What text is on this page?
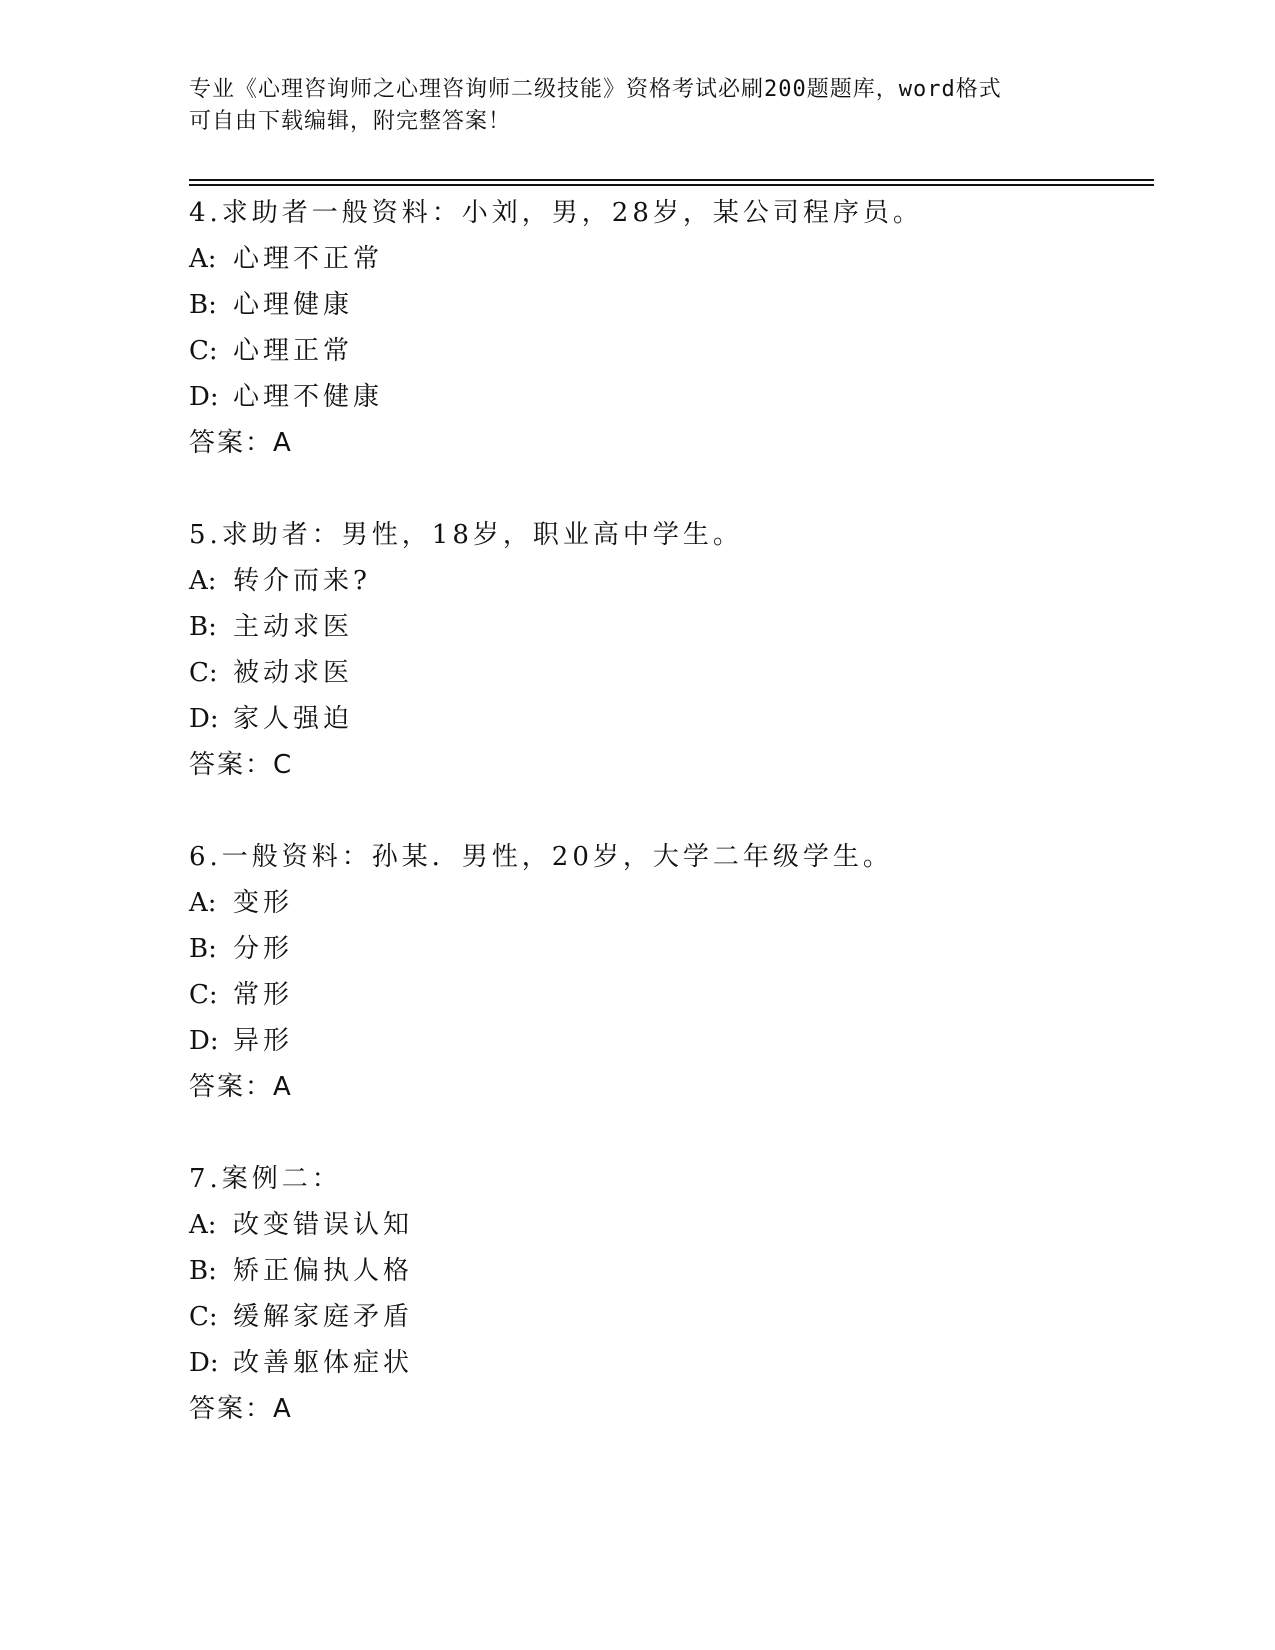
专业《心理咨询师之心理咨询师二级技能》资格考试必刷200题题库，word格式
可自由下载编辑，附完整答案！
4.求助者一般资料：小刘，男，28岁，某公司程序员。
A: 心理不正常
B: 心理健康
C: 心理正常
D: 心理不健康
答案：A
5.求助者：男性，18岁，职业高中学生。
A: 转介而来?
B: 主动求医
C: 被动求医
D: 家人强迫
答案：C
6.一般资料：孙某．男性，20岁，大学二年级学生。
A: 变形
B: 分形
C: 常形
D: 异形
答案：A
7.案例二：
A: 改变错误认知
B: 矫正偏执人格
C: 缓解家庭矛盾
D: 改善躯体症状
答案：A
